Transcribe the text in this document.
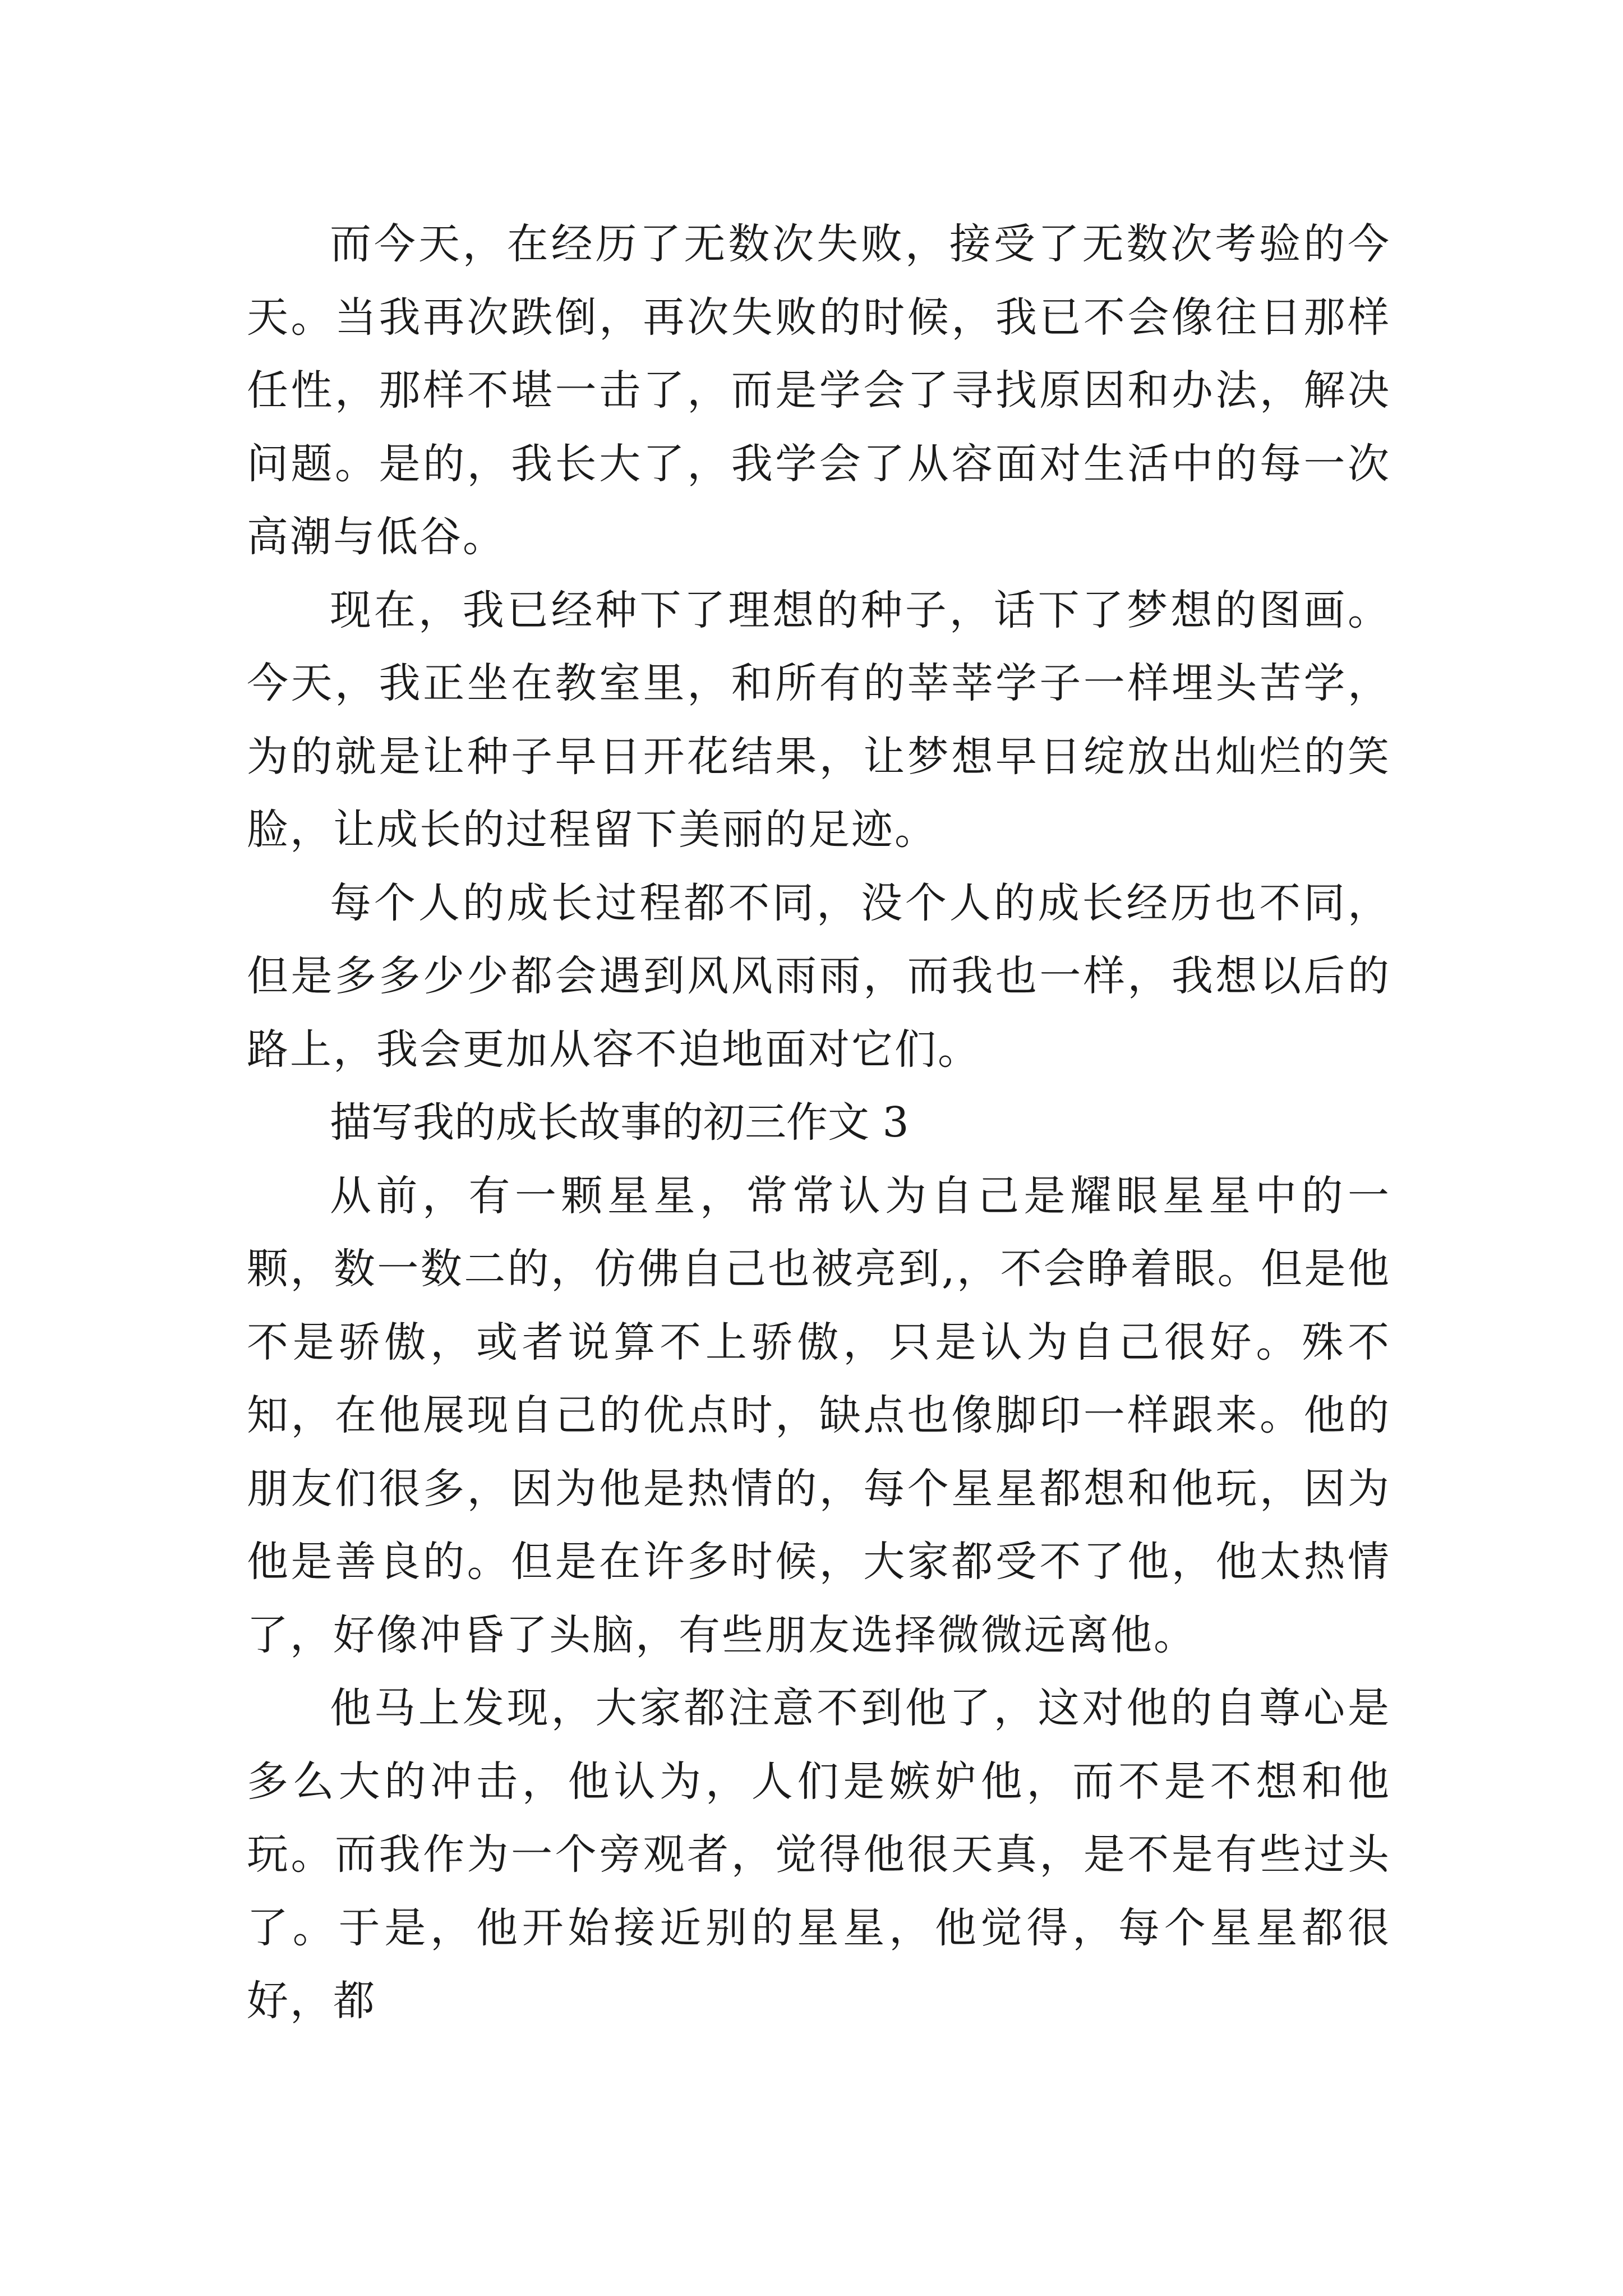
而今天，在经历了无数次失败，接受了无数次考验的今天。当我再次跌倒，再次失败的时候，我已不会像往日那样任性，那样不堪一击了，而是学会了寻找原因和办法，解决问题。是的，我长大了，我学会了从容面对生活中的每一次高潮与低谷。

现在，我已经种下了理想的种子，话下了梦想的图画。今天，我正坐在教室里，和所有的莘莘学子一样埋头苦学，为的就是让种子早日开花结果，让梦想早日绽放出灿烂的笑脸，让成长的过程留下美丽的足迹。

每个人的成长过程都不同，没个人的成长经历也不同，但是多多少少都会遇到风风雨雨，而我也一样，我想以后的路上，我会更加从容不迫地面对它们。

描写我的成长故事的初三作文 3

从前，有一颗星星，常常认为自己是耀眼星星中的一颗，数一数二的，仿佛自己也被亮到,，不会睁着眼。但是他不是骄傲，或者说算不上骄傲，只是认为自己很好。殊不知，在他展现自己的优点时，缺点也像脚印一样跟来。他的朋友们很多，因为他是热情的，每个星星都想和他玩，因为他是善良的。但是在许多时候，大家都受不了他，他太热情了，好像冲昏了头脑，有些朋友选择微微远离他。

他马上发现，大家都注意不到他了，这对他的自尊心是多么大的冲击，他认为，人们是嫉妒他，而不是不想和他玩。而我作为一个旁观者，觉得他很天真，是不是有些过头了。于是，他开始接近别的星星，他觉得，每个星星都很好，都
